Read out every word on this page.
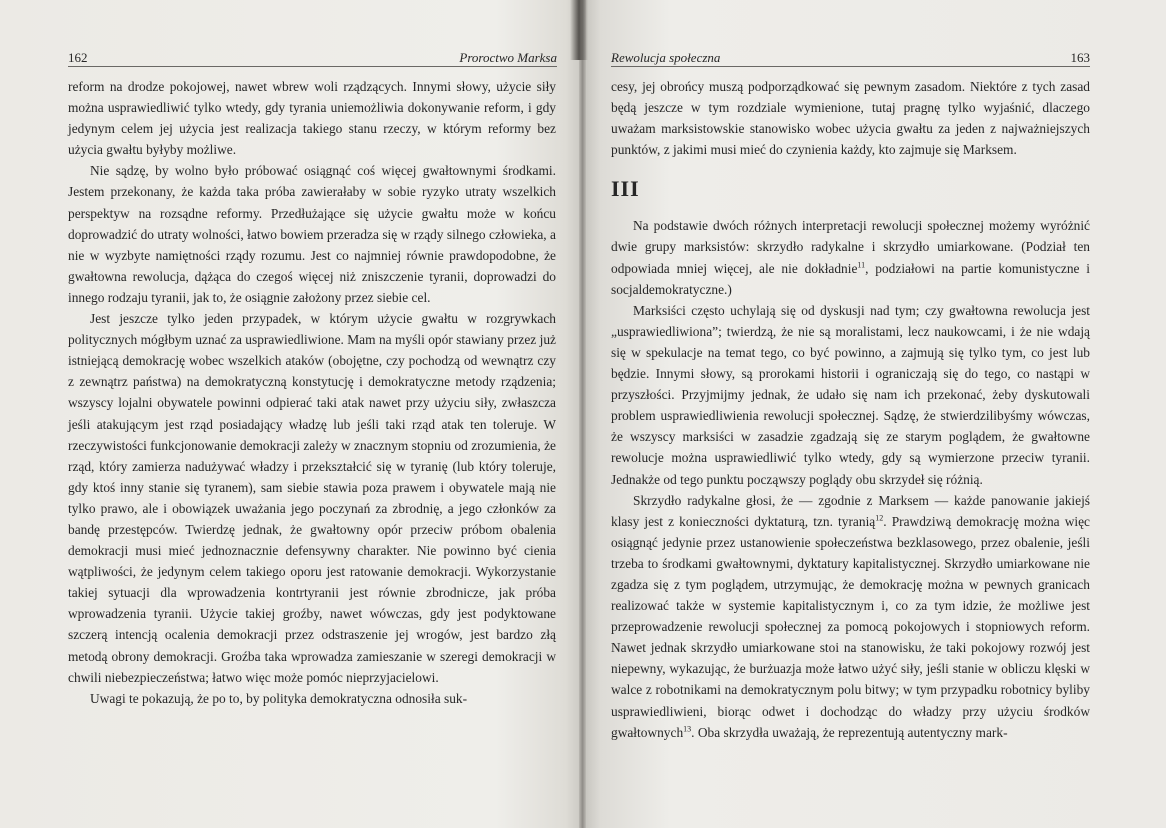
162	Proroctwo Marksa

reform na drodze pokojowej, nawet wbrew woli rządzących. Innymi słowy, użycie siły można usprawiedliwić tylko wtedy, gdy tyrania uniemożliwia dokonywanie reform, i gdy jedynym celem jej użycia jest realizacja takiego stanu rzeczy, w którym reformy bez użycia gwałtu byłyby możliwe.

Nie sądzę, by wolno było próbować osiągnąć coś więcej gwałtownymi środkami. Jestem przekonany, że każda taka próba zawierałaby w sobie ryzyko utraty wszelkich perspektyw na rozsądne reformy. Przedłużające się użycie gwałtu może w końcu doprowadzić do utraty wolności, łatwo bowiem przeradza się w rządy silnego człowieka, a nie w wyzbyte namiętności rządy rozumu. Jest co najmniej równie prawdopodobne, że gwałtowna rewolucja, dążąca do czegoś więcej niż zniszczenie tyranii, doprowadzi do innego rodzaju tyranii, jak to, że osiągnie założony przez siebie cel.

Jest jeszcze tylko jeden przypadek, w którym użycie gwałtu w rozgrywkach politycznych mógłbym uznać za usprawiedliwione. Mam na myśli opór stawiany przez już istniejącą demokrację wobec wszelkich ataków (obojętne, czy pochodzą od wewnątrz czy z zewnątrz państwa) na demokratyczną konstytucję i demokratyczne metody rządzenia; wszyscy lojalni obywatele powinni odpierać taki atak nawet przy użyciu siły, zwłaszcza jeśli atakującym jest rząd posiadający władzę lub jeśli taki rząd atak ten toleruje. W rzeczywistości funkcjonowanie demokracji zależy w znacznym stopniu od zrozumienia, że rząd, który zamierza nadużywać władzy i przekształcić się w tyranię (lub który toleruje, gdy ktoś inny stanie się tyranem), sam siebie stawia poza prawem i obywatele mają nie tylko prawo, ale i obowiązek uważania jego poczynań za zbrodnię, a jego członków za bandę przestępców. Twierdzę jednak, że gwałtowny opór przeciw próbom obalenia demokracji musi mieć jednoznacznie defensywny charakter. Nie powinno być cienia wątpliwości, że jedynym celem takiego oporu jest ratowanie demokracji. Wykorzystanie takiej sytuacji dla wprowadzenia kontrtyranii jest równie zbrodnicze, jak próba wprowadzenia tyranii. Użycie takiej groźby, nawet wówczas, gdy jest podyktowane szczerą intencją ocalenia demokracji przez odstraszenie jej wrogów, jest bardzo złą metodą obrony demokracji. Groźba taka wprowadza zamieszanie w szeregi demokracji w chwili niebezpieczeństwa; łatwo więc może pomóc nieprzyjacielowi.

Uwagi te pokazują, że po to, by polityka demokratyczna odnosiła suk-

Rewolucja społeczna	163

cesy, jej obrońcy muszą podporządkować się pewnym zasadom. Niektóre z tych zasad będą jeszcze w tym rozdziale wymienione, tutaj pragnę tylko wyjaśnić, dlaczego uważam marksistowskie stanowisko wobec użycia gwałtu za jeden z najważniejszych punktów, z jakimi musi mieć do czynienia każdy, kto zajmuje się Marksem.

III

Na podstawie dwóch różnych interpretacji rewolucji społecznej możemy wyróżnić dwie grupy marksistów: skrzydło radykalne i skrzydło umiarkowane. (Podział ten odpowiada mniej więcej, ale nie dokładnie$^{11}$, podziałowi na partie komunistyczne i socjaldemokratyczne.)

Marksiści często uchylają się od dyskusji nad tym; czy gwałtowna rewolucja jest „usprawiedliwiona”; twierdzą, że nie są moralistami, lecz naukowcami, i że nie wdają się w spekulacje na temat tego, co być powinno, a zajmują się tylko tym, co jest lub będzie. Innymi słowy, są prorokami historii i ograniczają się do tego, co nastąpi w przyszłości. Przyjmijmy jednak, że udało się nam ich przekonać, żeby dyskutowali problem usprawiedliwienia rewolucji społecznej. Sądzę, że stwierdzilibyśmy wówczas, że wszyscy marksiści w zasadzie zgadzają się ze starym poglądem, że gwałtowne rewolucje można usprawiedliwić tylko wtedy, gdy są wymierzone przeciw tyranii. Jednakże od tego punktu począwszy poglądy obu skrzydeł się różnią.

Skrzydło radykalne głosi, że — zgodnie z Marksem — każde panowanie jakiejś klasy jest z konieczności dyktaturą, tzn. tyranią$^{12}$. Prawdziwą demokrację można więc osiągnąć jedynie przez ustanowienie społeczeństwa bezklasowego, przez obalenie, jeśli trzeba to środkami gwałtownymi, dyktatury kapitalistycznej. Skrzydło umiarkowane nie zgadza się z tym poglądem, utrzymując, że demokrację można w pewnych granicach realizować także w systemie kapitalistycznym i, co za tym idzie, że możliwe jest przeprowadzenie rewolucji społecznej za pomocą pokojowych i stopniowych reform. Nawet jednak skrzydło umiarkowane stoi na stanowisku, że taki pokojowy rozwój jest niepewny, wykazując, że burżuazja może łatwo użyć siły, jeśli stanie w obliczu klęski w walce z robotnikami na demokratycznym polu bitwy; w tym przypadku robotnicy byliby usprawiedliwieni, biorąc odwet i dochodząc do władzy przy użyciu środków gwałtownych$^{13}$. Oba skrzydła uważają, że reprezentują autentyczny mark-
